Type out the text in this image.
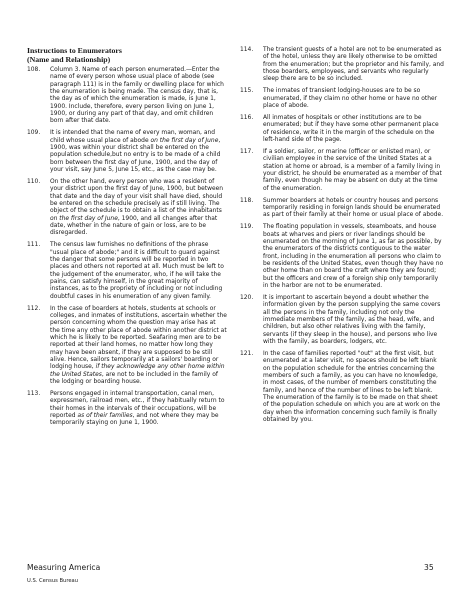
Instructions to Enumerators
(Name and Relationship)
108. Column 3. Name of each person enumerated.—Enter the name of every person whose usual place of abode (see paragraph 111) is in the family or dwelling place for which the enumeration is being made. The census day, that is, the day as of which the enumeration is made, is June 1, 1900. Include, therefore, every person living on June 1, 1900, or during any part of that day, and omit children born after that date.
109. It is intended that the name of every man, woman, and child whose usual place of abode on the first day of June, 1900, was within your district shall be entered on the population schedule,but no entry is to be made of a child born between the first day of June, 1900, and the day of your visit, say June 5, June 15, etc., as the case may be.
110. On the other hand, every person who was a resident of your district upon the first day of June, 1900, but between that date and the day of your visit shall have died, should be entered on the schedule precisely as if still living. The object of the schedule is to obtain a list of the inhabitants on the first day of June, 1900, and all changes after that date, whether in the nature of gain or loss, are to be disregarded.
111. The census law furnishes no definitions of the phrase "usual place of abode;" and it is difficult to guard against the danger that some persons will be reported in two places and others not reported at all. Much must be left to the judgement of the enumerator, who, if he will take the pains, can satisfy himself, in the great majority of instances, as to the propriety of including or not including doubtful cases in his enumeration of any given family.
112. In the case of boarders at hotels, students at schools or colleges, and inmates of institutions, ascertain whether the person concerning whom the question may arise has at the time any other place of abode within another district at which he is likely to be reported. Seafaring men are to be reported at their land homes, no matter how long they may have been absent, if they are supposed to be still alive. Hence, sailors temporarily at a sailors' boarding or lodging house, if they acknowledge any other home within the United States, are not to be included in the family of the lodging or boarding house.
113. Persons engaged in internal transportation, canal men, expressmen, railroad men, etc., if they habitually return to their homes in the intervals of their occupations, will be reported as of their families, and not where they may be temporarily staying on June 1, 1900.
114. The transient guests of a hotel are not to be enumerated as of the hotel, unless they are likely otherwise to be omitted from the enumeration; but the proprietor and his family, and those boarders, employees, and servants who regularly sleep there are to be so included.
115. The inmates of transient lodging-houses are to be so enumerated, if they claim no other home or have no other place of abode.
116. All inmates of hospitals or other institutions are to be enumerated; but if they have some other permanent place of residence, write it in the margin of the schedule on the left-hand side of the page.
117. If a soldier, sailor, or marine (officer or enlisted man), or civilian employee in the service of the United States at a station at home or abroad, is a member of a family living in your district, he should be enumerated as a member of that family, even though he may be absent on duty at the time of the enumeration.
118. Summer boarders at hotels or country houses and persons temporarily residing in foreign lands should be enumerated as part of their family at their home or usual place of abode.
119. The floating population in vessels, steamboats, and house boats at wharves and piers or river landings should be enumerated on the morning of June 1, as far as possible, by the enumerators of the districts contiguous to the water front, including in the enumeration all persons who claim to be residents of the United States, even though they have no other home than on board the craft where they are found; but the officers and crew of a foreign ship only temporarily in the harbor are not to be enumerated.
120. It is important to ascertain beyond a doubt whether the information given by the person supplying the same covers all the persons in the family, including not only the immediate members of the family, as the head, wife, and children, but also other relatives living with the family, servants (if they sleep in the house), and persons who live with the family, as boarders, lodgers, etc.
121. In the case of families reported "out" at the first visit, but enumerated at a later visit, no spaces should be left blank on the population schedule for the entries concerning the members of such a family, as you can have no knowledge, in most cases, of the number of members constituting the family, and hence of the number of lines to be left blank. The enumeration of the family is to be made on that sheet of the population schedule on which you are at work on the day when the information concerning such family is finally obtained by you.
Measuring America
U.S. Census Bureau
35
